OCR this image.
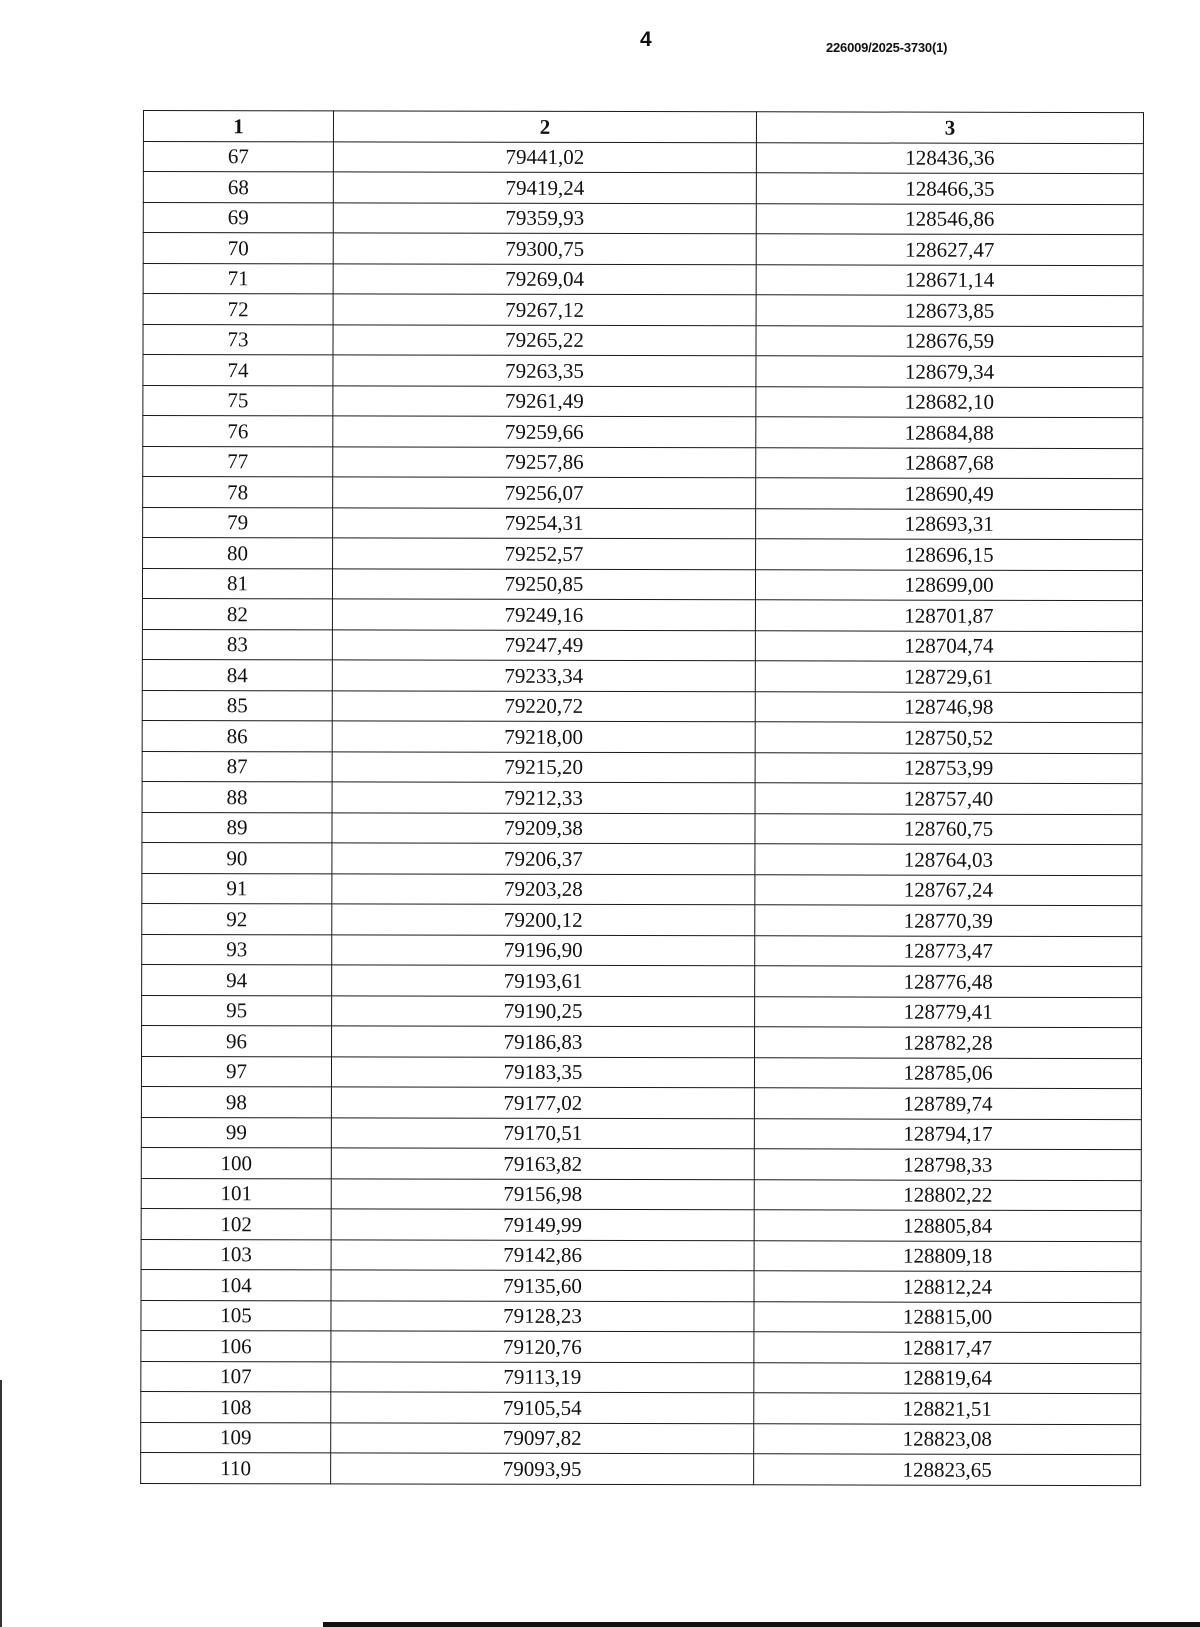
4	226009/2025-3730(1)
1	2	3
67	79441,02	128436,36
68	79419,24	128466,35
69	79359,93	128546,86
70	79300,75	128627,47
71	79269,04	128671,14
72	79267,12	128673,85
73	79265,22	128676,59
74	79263,35	128679,34
75	79261,49	128682,10
76	79259,66	128684,88
77	79257,86	128687,68
78	79256,07	128690,49
79	79254,31	128693,31
80	79252,57	128696,15
81	79250,85	128699,00
82	79249,16	128701,87
83	79247,49	128704,74
84	79233,34	128729,61
85	79220,72	128746,98
86	79218,00	128750,52
87	79215,20	128753,99
88	79212,33	128757,40
89	79209,38	128760,75
90	79206,37	128764,03
91	79203,28	128767,24
92	79200,12	128770,39
93	79196,90	128773,47
94	79193,61	128776,48
95	79190,25	128779,41
96	79186,83	128782,28
97	79183,35	128785,06
98	79177,02	128789,74
99	79170,51	128794,17
100	79163,82	128798,33
101	79156,98	128802,22
102	79149,99	128805,84
103	79142,86	128809,18
104	79135,60	128812,24
105	79128,23	128815,00
106	79120,76	128817,47
107	79113,19	128819,64
108	79105,54	128821,51
109	79097,82	128823,08
110	79093,95	128823,65
